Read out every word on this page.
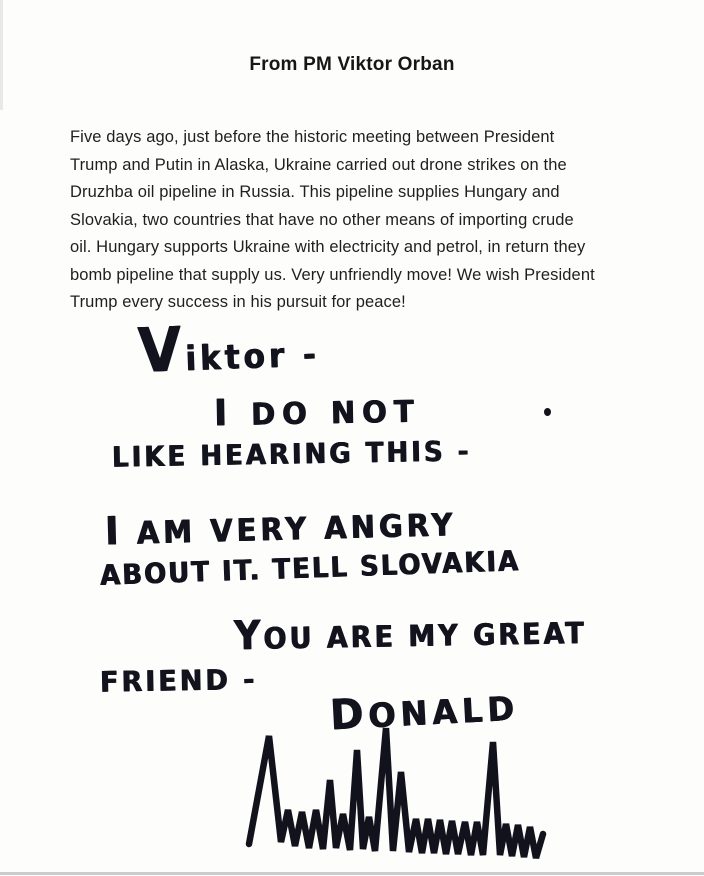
From PM Viktor Orban
Five days ago, just before the historic meeting between President
Trump and Putin in Alaska, Ukraine carried out drone strikes on the
Druzhba oil pipeline in Russia. This pipeline supplies Hungary and
Slovakia, two countries that have no other means of importing crude
oil. Hungary supports Ukraine with electricity and petrol, in return they
bomb pipeline that supply us. Very unfriendly move! We wish President
Trump every success in his pursuit for peace!
Viktor -
I DO NOT
LIKE HEARING THIS -
I AM VERY ANGRY
ABOUT IT. TELL SLOVAKIA
YOU ARE MY GREAT
FRIEND -
DONALD
